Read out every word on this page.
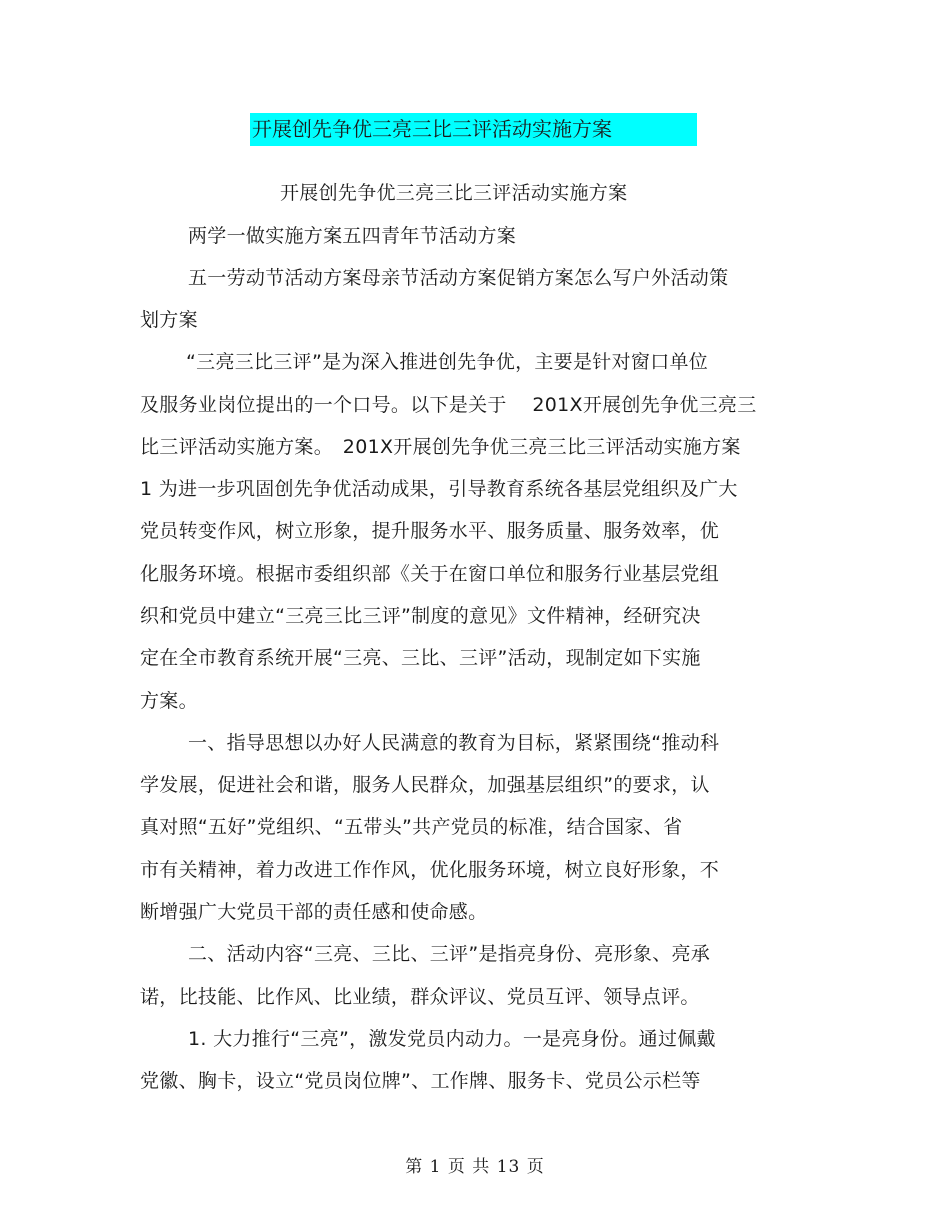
开展创先争优三亮三比三评活动实施方案
开展创先争优三亮三比三评活动实施方案
两学一做实施方案五四青年节活动方案
五一劳动节活动方案母亲节活动方案促销方案怎么写户外活动策
划方案
“三亮三比三评”是为深入推进创先争优，主要是针对窗口单位
及服务业岗位提出的一个口号。以下是关于　 201X开展创先争优三亮三
比三评活动实施方案。　201X开展创先争优三亮三比三评活动实施方案
1 为进一步巩固创先争优活动成果，引导教育系统各基层党组织及广大
党员转变作风，树立形象，提升服务水平、服务质量、服务效率，优
化服务环境。根据市委组织部《关于在窗口单位和服务行业基层党组
织和党员中建立“三亮三比三评”制度的意见》文件精神，经研究决
定在全市教育系统开展“三亮、三比、三评”活动，现制定如下实施
方案。
一、指导思想以办好人民满意的教育为目标，紧紧围绕“推动科
学发展，促进社会和谐，服务人民群众，加强基层组织”的要求，认
真对照“五好”党组织、“五带头”共产党员的标准，结合国家、省
市有关精神，着力改进工作作风，优化服务环境，树立良好形象，不
断增强广大党员干部的责任感和使命感。
二、活动内容“三亮、三比、三评”是指亮身份、亮形象、亮承
诺，比技能、比作风、比业绩，群众评议、党员互评、领导点评。
1. 大力推行“三亮”，激发党员内动力。一是亮身份。通过佩戴
党徽、胸卡，设立“党员岗位牌”、工作牌、服务卡、党员公示栏等
第 1 页 共 13 页
